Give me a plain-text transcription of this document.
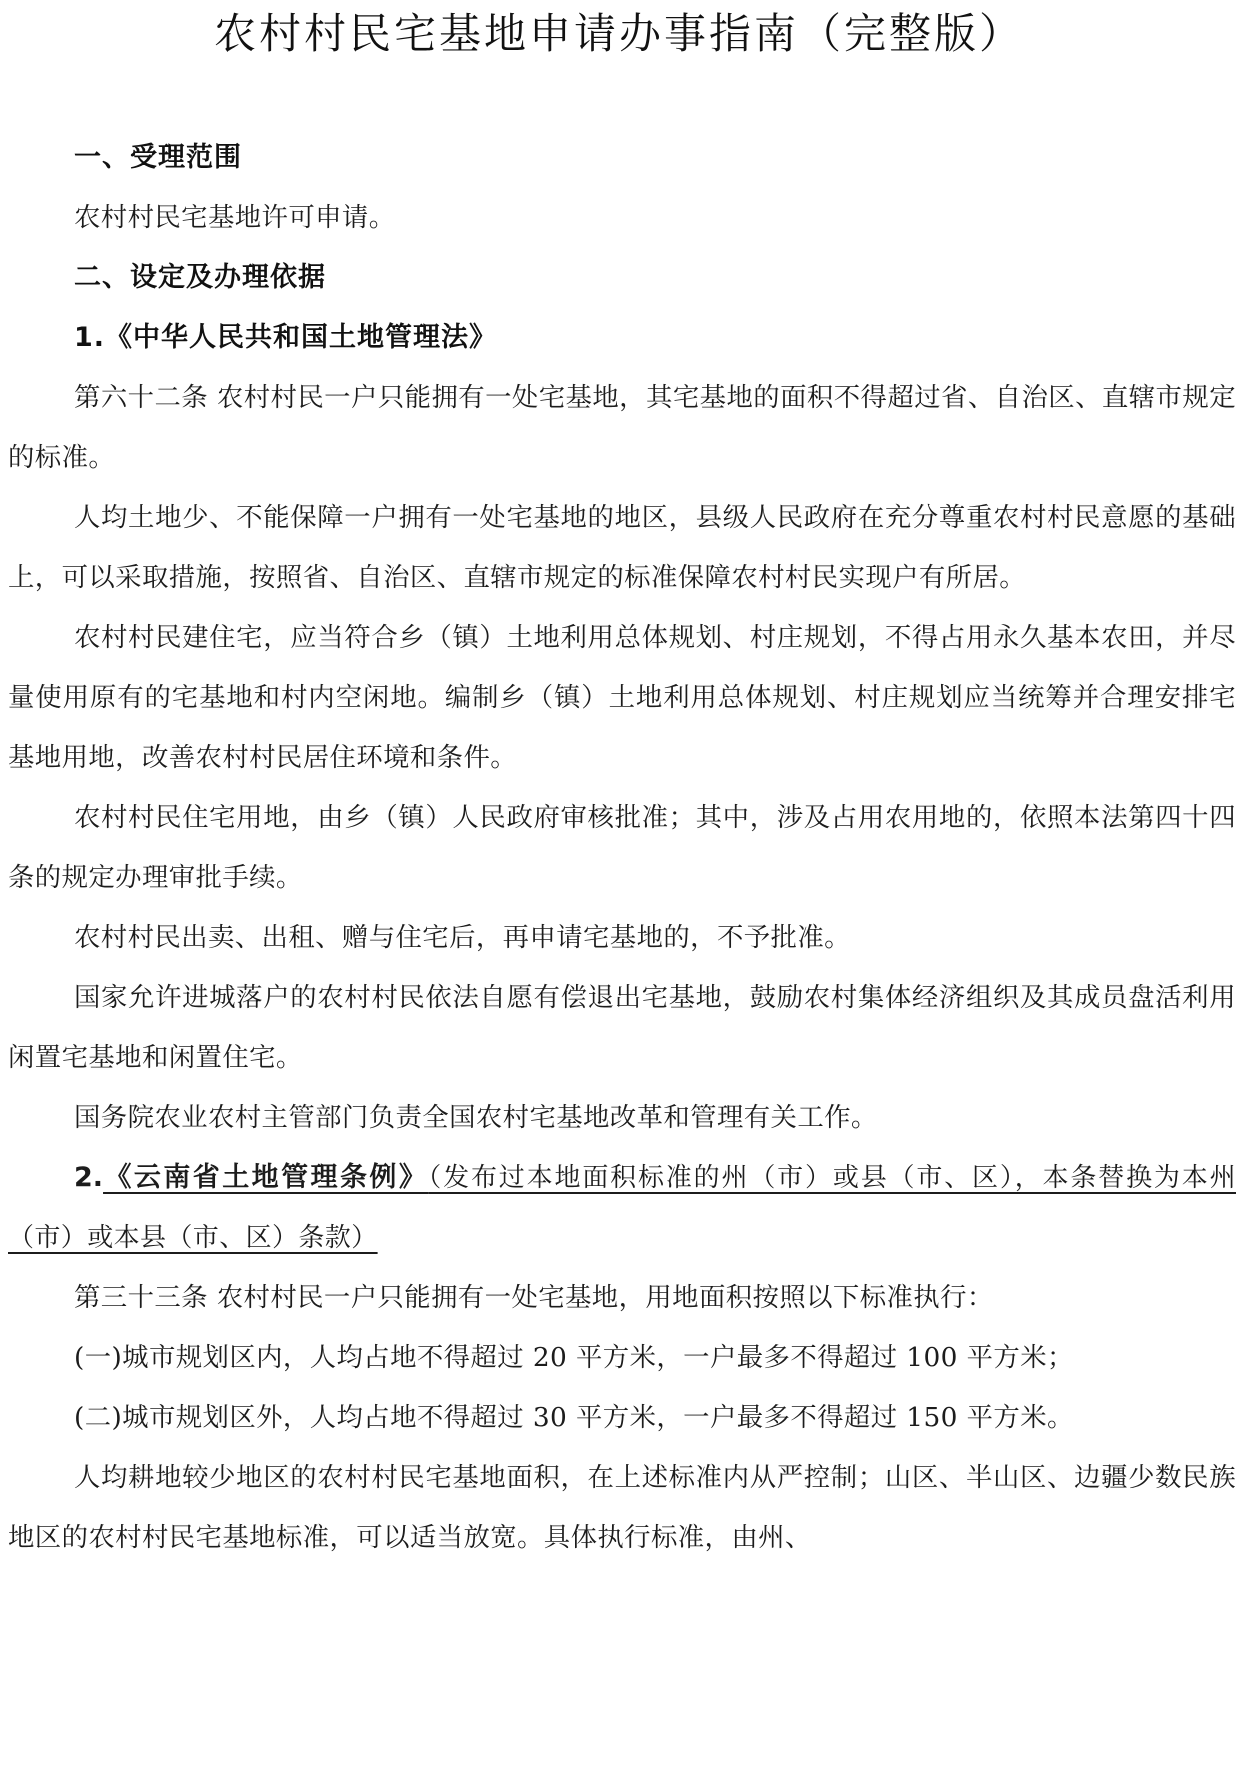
农村村民宅基地申请办事指南（完整版）

一、受理范围

农村村民宅基地许可申请。

二、设定及办理依据

1.《中华人民共和国土地管理法》

第六十二条 农村村民一户只能拥有一处宅基地，其宅基地的面积不得超过省、自治区、直辖市规定的标准。

人均土地少、不能保障一户拥有一处宅基地的地区，县级人民政府在充分尊重农村村民意愿的基础上，可以采取措施，按照省、自治区、直辖市规定的标准保障农村村民实现户有所居。

农村村民建住宅，应当符合乡（镇）土地利用总体规划、村庄规划，不得占用永久基本农田，并尽量使用原有的宅基地和村内空闲地。编制乡（镇）土地利用总体规划、村庄规划应当统筹并合理安排宅基地用地，改善农村村民居住环境和条件。

农村村民住宅用地，由乡（镇）人民政府审核批准；其中，涉及占用农用地的，依照本法第四十四条的规定办理审批手续。

农村村民出卖、出租、赠与住宅后，再申请宅基地的，不予批准。

国家允许进城落户的农村村民依法自愿有偿退出宅基地，鼓励农村集体经济组织及其成员盘活利用闲置宅基地和闲置住宅。

国务院农业农村主管部门负责全国农村宅基地改革和管理有关工作。

2.《云南省土地管理条例》（发布过本地面积标准的州（市）或县（市、区），本条替换为本州（市）或本县（市、区）条款）

第三十三条 农村村民一户只能拥有一处宅基地，用地面积按照以下标准执行：

(一)城市规划区内，人均占地不得超过 20 平方米，一户最多不得超过 100 平方米；

(二)城市规划区外，人均占地不得超过 30 平方米，一户最多不得超过 150 平方米。

人均耕地较少地区的农村村民宅基地面积，在上述标准内从严控制；山区、半山区、边疆少数民族地区的农村村民宅基地标准，可以适当放宽。具体执行标准，由州、
